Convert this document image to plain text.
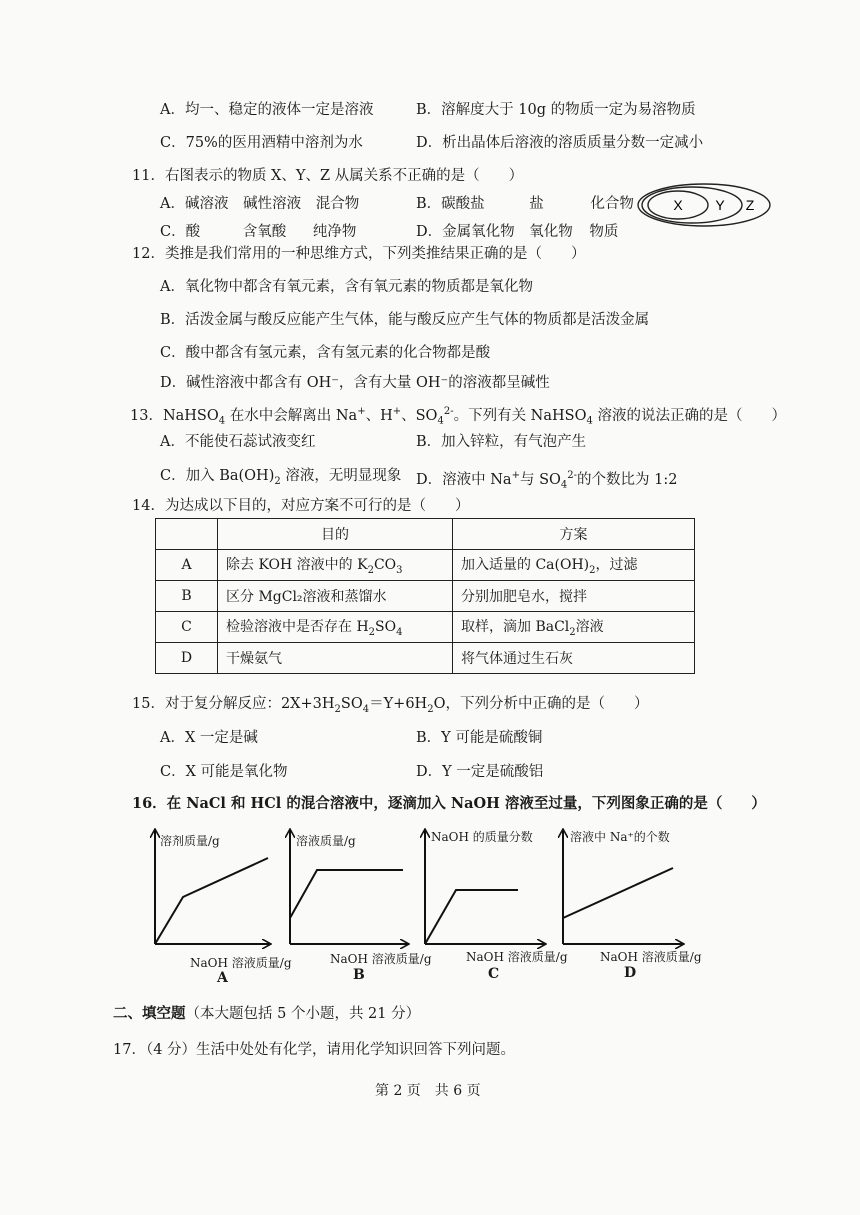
A．均一、稳定的液体一定是溶液	B．溶解度大于 10g 的物质一定为易溶物质
C．75%的医用酒精中溶剂为水	D．析出晶体后溶液的溶质质量分数一定减小
11．右图表示的物质 X、Y、Z 从属关系不正确的是（　　）
A．碱溶液 碱性溶液 混合物	B．碳酸盐	盐	化合物
C．酸	含氧酸 纯净物	D．金属氧化物 氧化物 物质
X Y Z
12．类推是我们常用的一种思维方式，下列类推结果正确的是（　　）
A．氧化物中都含有氧元素，含有氧元素的物质都是氧化物
B．活泼金属与酸反应能产生气体，能与酸反应产生气体的物质都是活泼金属
C．酸中都含有氢元素，含有氢元素的化合物都是酸
D．碱性溶液中都含有 OH⁻，含有大量 OH⁻的溶液都呈碱性
13．NaHSO$_4$ 在水中会解离出 Na+、H+、$SO_4^{2-}$。下列有关 NaHSO$_4$ 溶液的说法正确的是（　　）
A．不能使石蕊试液变红	B．加入锌粒，有气泡产生
C．加入 $Ba(OH)_2$ 溶液，无明显现象 D．溶液中 Na+与 $SO_4^{2-}$的个数比为 1:2
14．为达成以下目的，对应方案不可行的是（　　）
	目的	方案
A	除去 KOH 溶液中的 $K_2CO_3$	加入适量的 $Ca(OH)_2$，过滤
B	区分 MgCl₂溶液和蒸馏水	分别加肥皂水，搅拌
C	检验溶液中是否存在 $H_2SO_4$	取样，滴加 BaCl$_2$溶液
D	干燥氨气	将气体通过生石灰
15．对于复分解反应：$2X+3H_2SO_4=Y+6H_2O$，下列分析中正确的是（　　）
A．X 一定是碱	B．Y 可能是硫酸铜
C．X 可能是氧化物	D．Y 一定是硫酸铝
16．在 NaCl 和 HCl 的混合溶液中，逐滴加入 NaOH 溶液至过量，下列图象正确的是（　　）
溶剂质量/g	溶液质量/g	NaOH 的质量分数	溶液中 Na⁺的个数
NaOH 溶液质量/g	NaOH 溶液质量/g	NaOH 溶液质量/g	NaOH 溶液质量/g
A	B	C	D
二、填空题（本大题包括 5 个小题，共 21 分）
17．（4 分）生活中处处有化学，请用化学知识回答下列问题。
第 2 页　共 6 页
